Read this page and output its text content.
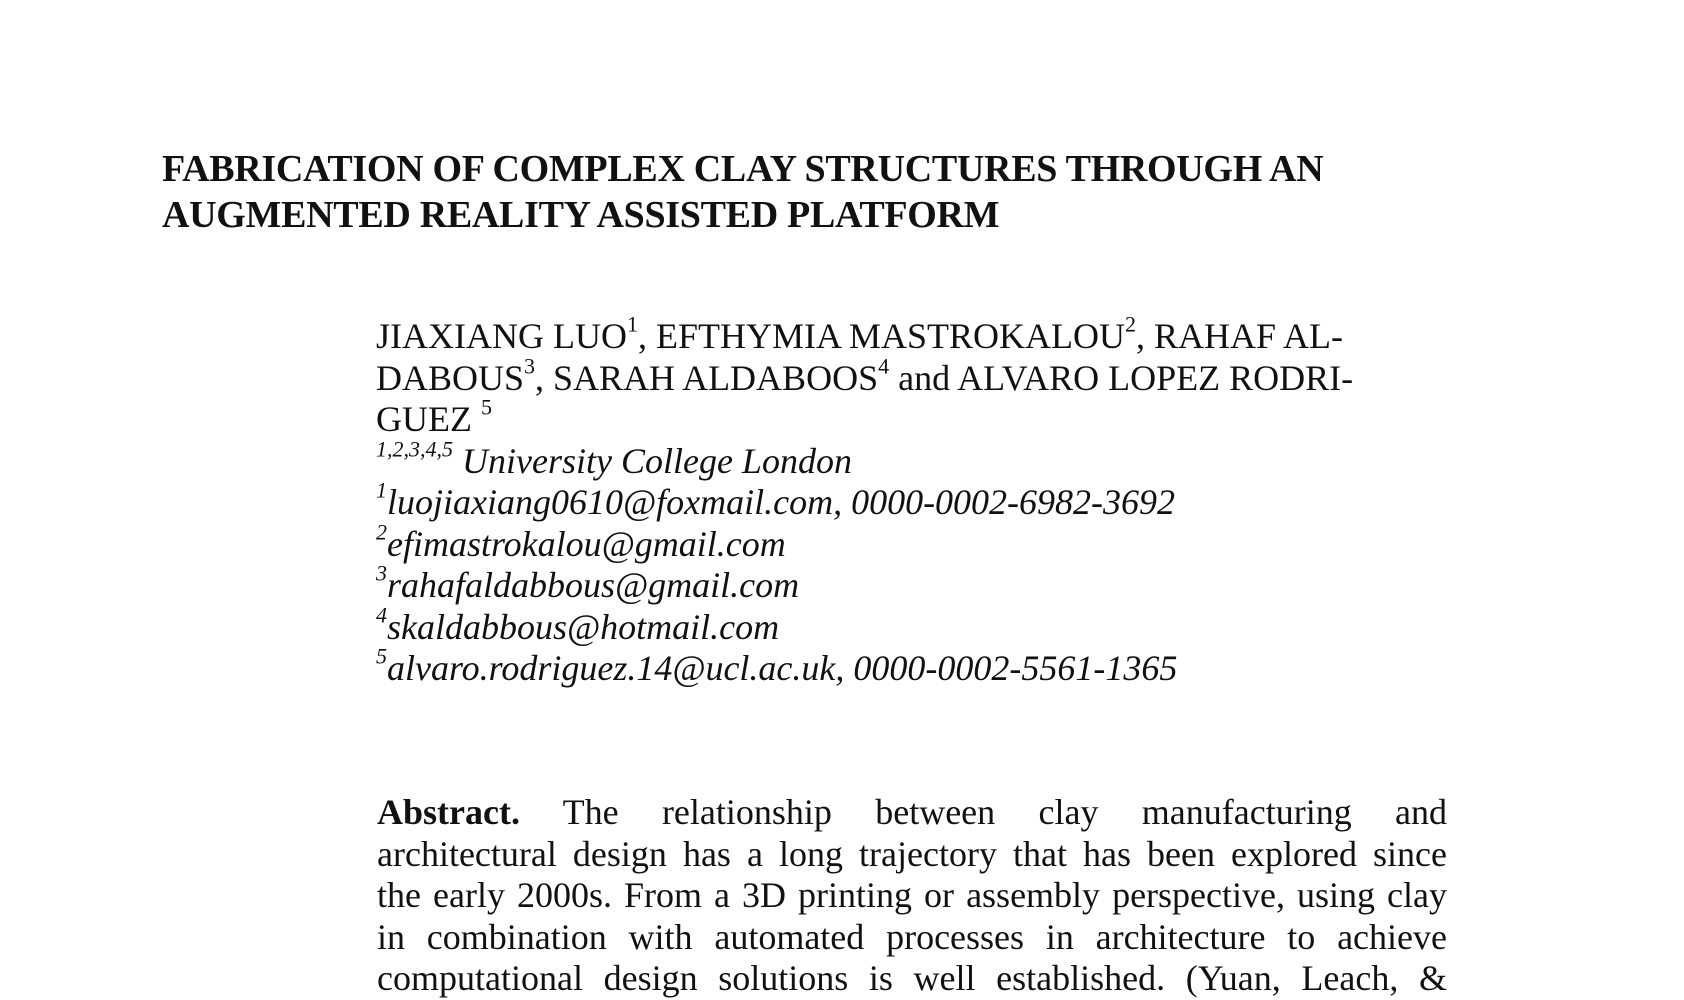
FABRICATION OF COMPLEX CLAY STRUCTURES THROUGH AN
AUGMENTED REALITY ASSISTED PLATFORM
JIAXIANG LUO$^1$, EFTHYMIA MASTROKALOU$^2$, RAHAF AL-
DABOUS$^3$, SARAH ALDABOOS$^4$ and ALVARO LOPEZ RODRI-
GUEZ $^5$
$^{1,2,3,4,5}$ University College London
$^1$luojiaxiang0610@foxmail.com, 0000-0002-6982-3692
$^2$efimastrokalou@gmail.com
$^3$rahafaldabbous@gmail.com
$^4$skaldabbous@hotmail.com
$^5$alvaro.rodriguez.14@ucl.ac.uk, 0000-0002-5561-1365
Abstract. The relationship between clay manufacturing and
architectural design has a long trajectory that has been explored since
the early 2000s. From a 3D printing or assembly perspective, using clay
in combination with automated processes in architecture to achieve
computational design solutions is well established. (Yuan, Leach, &
